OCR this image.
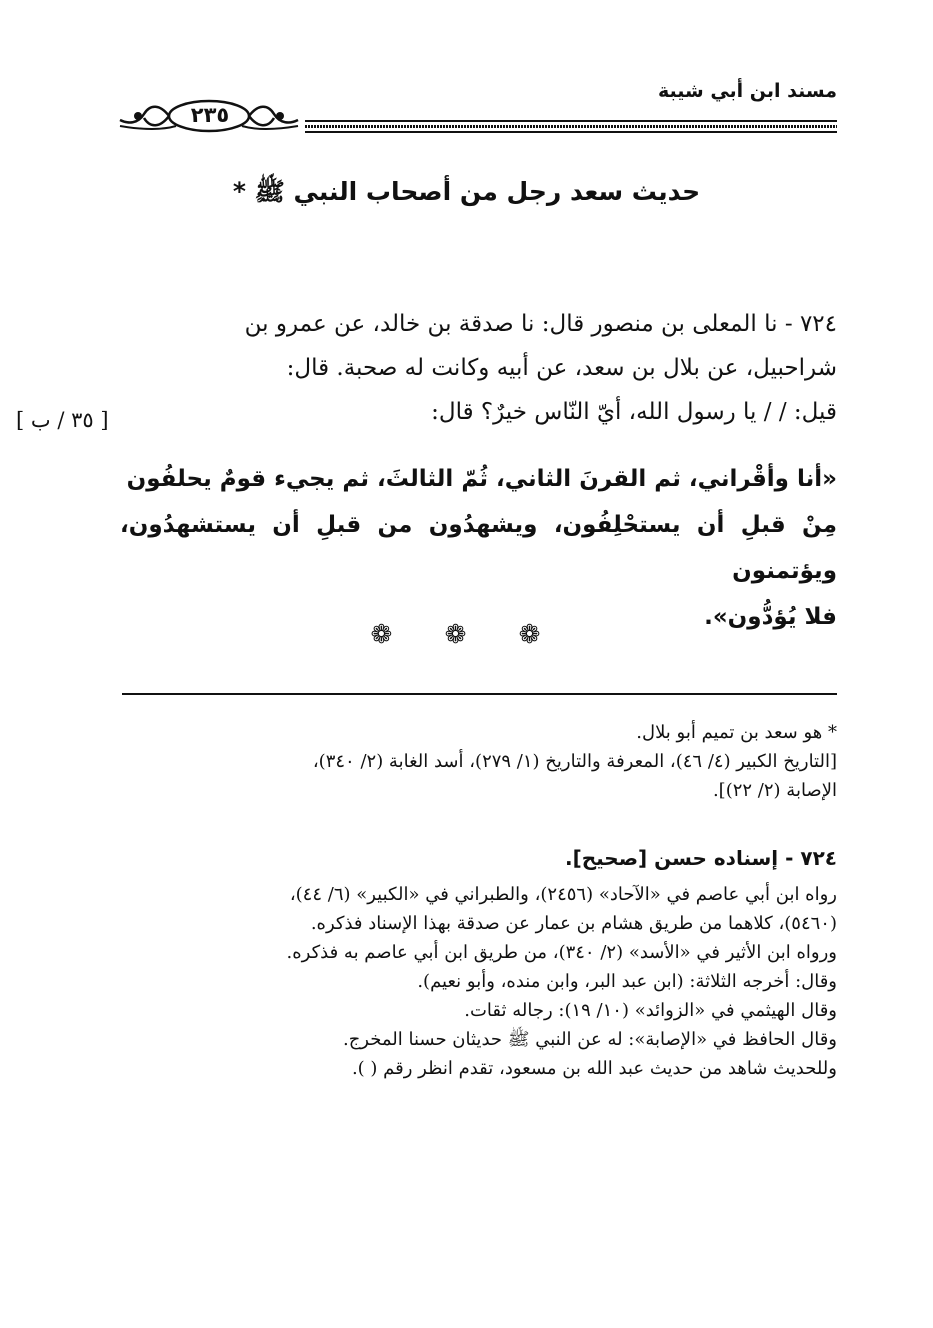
مسند ابن أبي شيبة
٢٣٥
حديث سعد رجل من أصحاب النبي ﷺ *
٧٢٤ - نا المعلى بن منصور قال: نا صدقة بن خالد، عن عمرو بن
شراحبيل، عن بلال بن سعد، عن أبيه وكانت له صحبة. قال:
قيل: / / يا رسول الله، أيّ النّاس خيرٌ؟ قال:
[ ٣٥ / ب ]
«أنا وأقْراني، ثم القرنَ الثاني، ثُمّ الثالثَ، ثم يجيء قومٌ يحلفُون
مِنْ قبلِ أن يستحْلِفُون، ويشهدُون من قبلِ أن يستشهدُون، ويؤتمنون
فلا يُؤدُّون».
❁ ❁ ❁
* هو سعد بن تميم أبو بلال.
[التاريخ الكبير (٤/ ٤٦)، المعرفة والتاريخ (١/ ٢٧٩)، أسد الغابة (٢/ ٣٤٠)،
الإصابة (٢/ ٢٢)].
٧٢٤ - إسناده حسن [صحيح].
رواه ابن أبي عاصم في «الآحاد» (٢٤٥٦)، والطبراني في «الكبير» (٦/ ٤٤)،
(٥٤٦٠)، كلاهما من طريق هشام بن عمار عن صدقة بهذا الإسناد فذكره.
ورواه ابن الأثير في «الأسد» (٢/ ٣٤٠)، من طريق ابن أبي عاصم به فذكره.
وقال: أخرجه الثلاثة: (ابن عبد البر، وابن منده، وأبو نعيم).
وقال الهيثمي في «الزوائد» (١٠/ ١٩): رجاله ثقات.
وقال الحافظ في «الإصابة»: له عن النبي ﷺ حديثان حسنا المخرج.
وللحديث شاهد من حديث عبد الله بن مسعود، تقدم انظر رقم ( ).
